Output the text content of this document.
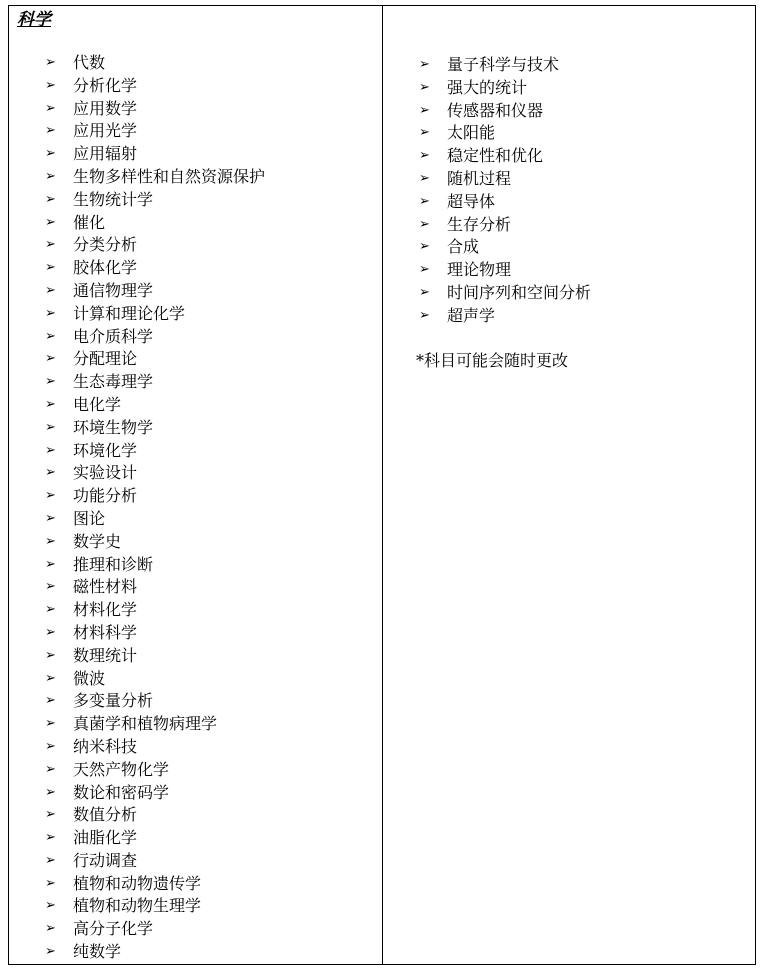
科学
➢	代数
➢	分析化学
➢	应用数学
➢	应用光学
➢	应用辐射
➢	生物多样性和自然资源保护
➢	生物统计学
➢	催化
➢	分类分析
➢	胶体化学
➢	通信物理学
➢	计算和理论化学
➢	电介质科学
➢	分配理论
➢	生态毒理学
➢	电化学
➢	环境生物学
➢	环境化学
➢	实验设计
➢	功能分析
➢	图论
➢	数学史
➢	推理和诊断
➢	磁性材料
➢	材料化学
➢	材料科学
➢	数理统计
➢	微波
➢	多变量分析
➢	真菌学和植物病理学
➢	纳米科技
➢	天然产物化学
➢	数论和密码学
➢	数值分析
➢	油脂化学
➢	行动调查
➢	植物和动物遗传学
➢	植物和动物生理学
➢	高分子化学
➢	纯数学
➢	量子科学与技术
➢	强大的统计
➢	传感器和仪器
➢	太阳能
➢	稳定性和优化
➢	随机过程
➢	超导体
➢	生存分析
➢	合成
➢	理论物理
➢	时间序列和空间分析
➢	超声学
*科目可能会随时更改
